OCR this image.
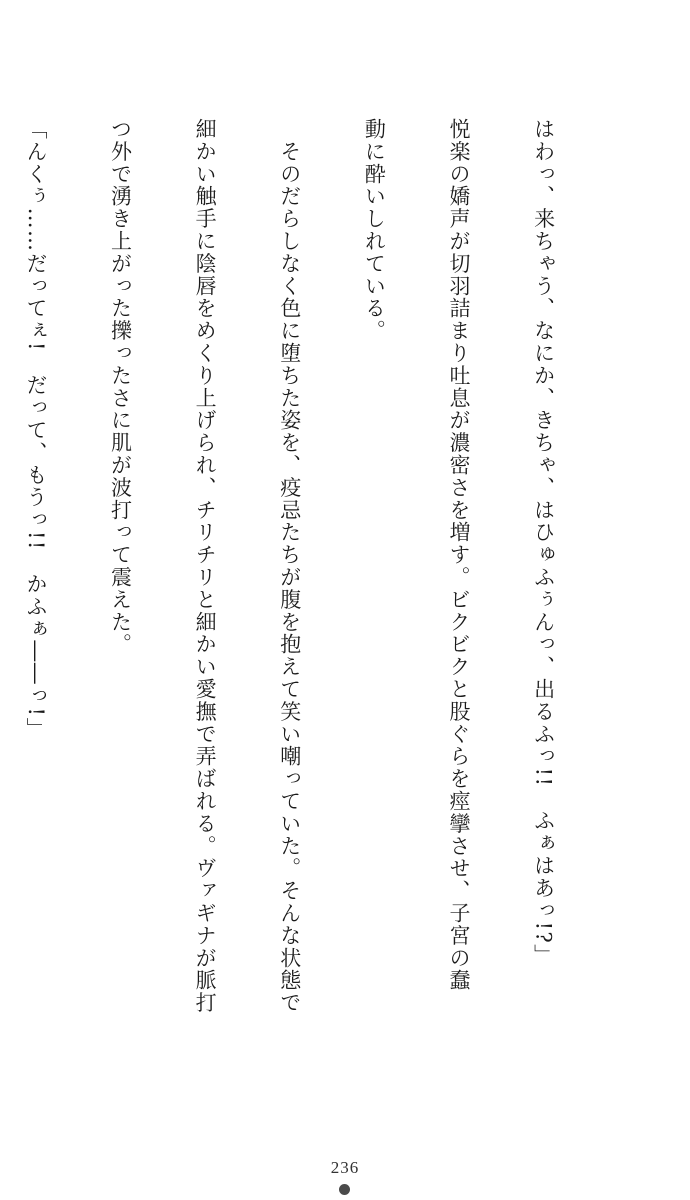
はわっ、来ちゃう、なにか、きちゃ、はひゅふぅんっ、出るふっ!!　ふぁはあっ!?」

悦楽の嬌声が切羽詰まり吐息が濃密さを増す。ビクビクと股ぐらを痙攣させ、子宮の蠢

動に酔いしれている。

　そのだらしなく色に堕ちた姿を、疫忌たちが腹を抱えて笑い嘲っていた。そんな状態で

細かい触手に陰唇をめくり上げられ、チリチリと細かい愛撫で弄ばれる。ヴァギナが脈打

つ外で湧き上がった擽ったさに肌が波打って震えた。

「んくぅ……だってぇ!　だって、もうっ!!　かふぁ――っ!」

236
